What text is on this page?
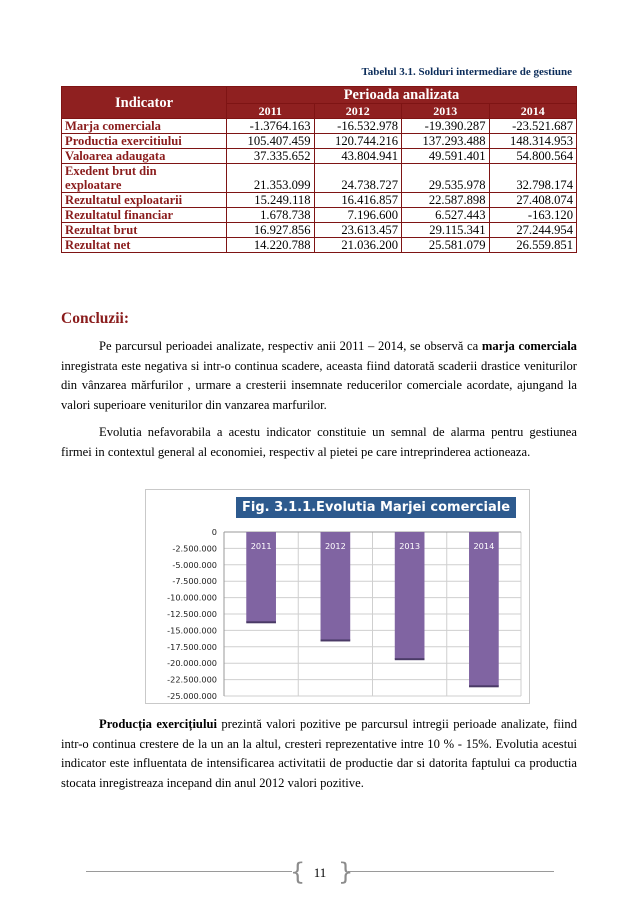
Tabelul 3.1. Solduri intermediare de gestiune
Indicator	Perioada analizata			
	2011	2012	2013	2014
Marja comerciala	-1.3764.163	-16.532.978	-19.390.287	-23.521.687
Productia exercitiului	105.407.459	120.744.216	137.293.488	148.314.953
Valoarea adaugata	37.335.652	43.804.941	49.591.401	54.800.564

Exedent brut din
exploatare	21.353.099	24.738.727	29.535.978	32.798.174
Rezultatul exploatarii	15.249.118	16.416.857	22.587.898	27.408.074
Rezultatul financiar	1.678.738	7.196.600	6.527.443	-163.120
Rezultat brut	16.927.856	23.613.457	29.115.341	27.244.954
Rezultat net	14.220.788	21.036.200	25.581.079	26.559.851
Concluzii:

Pe parcursul perioadei analizate, respectiv anii 2011 – 2014, se observă ca marja comerciala inregistrata este negativa si intr-o continua scadere, aceasta fiind datorată scaderii drastice veniturilor din vânzarea mărfurilor , urmare a cresterii insemnate reducerilor comerciale acordate, ajungand la valori superioare veniturilor din vanzarea marfurilor.

Evolutia nefavorabila a acestu indicator constituie un semnal de alarma pentru gestiunea firmei in contextul general al economiei, respectiv al pietei pe care intreprinderea actioneaza.

0
-2.500.000
-5.000.000
-7.500.000
-10.000.000
-12.500.000
-15.000.000
-17.500.000
-20.000.000
-22.500.000
-25.000.000
2011	2012	2013	2014
Fig. 3.1.1.Evolutia Marjei comerciale

Producția exercițiului prezintă valori pozitive pe parcursul intregii perioade analizate, fiind intr-o continua crestere de la un an la altul, cresteri reprezentative intre 10 % - 15%. Evolutia acestui indicator este influentata de intensificarea activitatii de productie dar si datorita faptului ca productia stocata inregistreaza incepand din anul 2012 valori pozitive.

{ 11 }
